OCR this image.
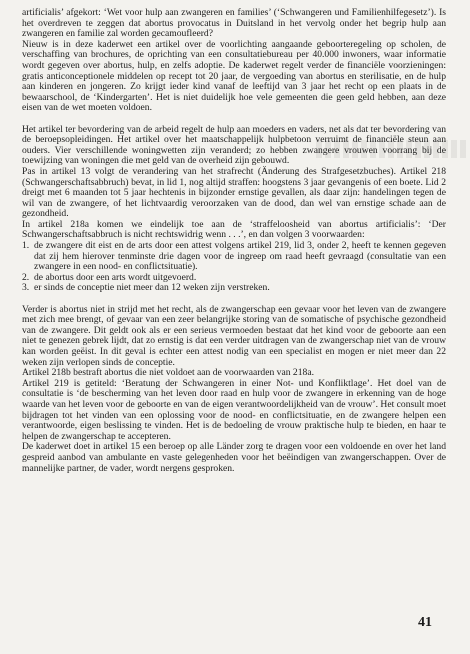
artificialis’ afgekort: ‘Wet voor hulp aan zwangeren en families’ (‘Schwangeren und Familienhilfegesetz’). Is het overdreven te zeggen dat abortus provocatus in Duitsland in het vervolg onder het begrip hulp aan zwangeren en familie zal worden gecamoufleerd?

Nieuw is in deze kaderwet een artikel over de voorlichting aangaande geboorteregeling op scholen, de verschaffing van brochures, de oprichting van een consultatiebureau per 40.000 inwoners, waar informatie wordt gegeven over abortus, hulp, en zelfs adoptie. De kaderwet regelt verder de financiële voorzieningen: gratis anticonceptionele middelen op recept tot 20 jaar, de vergoeding van abortus en sterilisatie, en de hulp aan kinderen en jongeren. Zo krijgt ieder kind vanaf de leeftijd van 3 jaar het recht op een plaats in de bewaarschool, de ‘Kindergarten’. Het is niet duidelijk hoe vele gemeenten die geen geld hebben, aan deze eisen van de wet moeten voldoen.

Het artikel ter bevordering van de arbeid regelt de hulp aan moeders en vaders, net als dat ter bevordering van de beroepsopleidingen. Het artikel over het maatschappelijk hulpbetoon verruimt de financiële steun aan ouders. Vier verschillende woningwetten zijn veranderd; zo hebben zwangere vrouwen voorrang bij de toewijzing van woningen die met geld van de overheid zijn gebouwd.

Pas in artikel 13 volgt de verandering van het strafrecht (Änderung des Strafgesetzbuches). Artikel 218 (Schwangerschaftsabbruch) bevat, in lid 1, nog altijd straffen: hoogstens 3 jaar gevangenis of een boete. Lid 2 dreigt met 6 maanden tot 5 jaar hechtenis in bijzonder ernstige gevallen, als daar zijn: handelingen tegen de wil van de zwangere, of het lichtvaardig veroorzaken van de dood, dan wel van ernstige schade aan de gezondheid.

In artikel 218a komen we eindelijk toe aan de ‘straffeloosheid van abortus artificialis’: ‘Der Schwangerschaftsabbruch is nicht rechtswidrig wenn . . .’, en dan volgen 3 voorwaarden:

1. de zwangere dit eist en de arts door een attest volgens artikel 219, lid 3, onder 2, heeft te kennen gegeven dat zij hem hierover tenminste drie dagen voor de ingreep om raad heeft gevraagd (consultatie van een zwangere in een nood- en conflictsituatie).
2. de abortus door een arts wordt uitgevoerd.
3. er sinds de conceptie niet meer dan 12 weken zijn verstreken.

Verder is abortus niet in strijd met het recht, als de zwangerschap een gevaar voor het leven van de zwangere met zich mee brengt, of gevaar van een zeer belangrijke storing van de somatische of psychische gezondheid van de zwangere. Dit geldt ook als er een serieus vermoeden bestaat dat het kind voor de geboorte aan een niet te genezen gebrek lijdt, dat zo ernstig is dat een verder uitdragen van de zwangerschap niet van de vrouw kan worden geëist. In dit geval is echter een attest nodig van een specialist en mogen er niet meer dan 22 weken zijn verlopen sinds de conceptie.

Artikel 218b bestraft abortus die niet voldoet aan de voorwaarden van 218a.

Artikel 219 is getiteld: ‘Beratung der Schwangeren in einer Not- und Konfliktlage’. Het doel van de consultatie is ‘de bescherming van het leven door raad en hulp voor de zwangere in erkenning van de hoge waarde van het leven voor de geboorte en van de eigen verantwoordelijkheid van de vrouw’. Het consult moet bijdragen tot het vinden van een oplossing voor de nood- en conflictsituatie, en de zwangere helpen een verantwoorde, eigen beslissing te vinden. Het is de bedoeling de vrouw praktische hulp te bieden, en haar te helpen de zwangerschap te accepteren.

De kaderwet doet in artikel 15 een beroep op alle Länder zorg te dragen voor een voldoende en over het land gespreid aanbod van ambulante en vaste gelegenheden voor het beëindigen van zwangerschappen. Over de mannelijke partner, de vader, wordt nergens gesproken.

41
